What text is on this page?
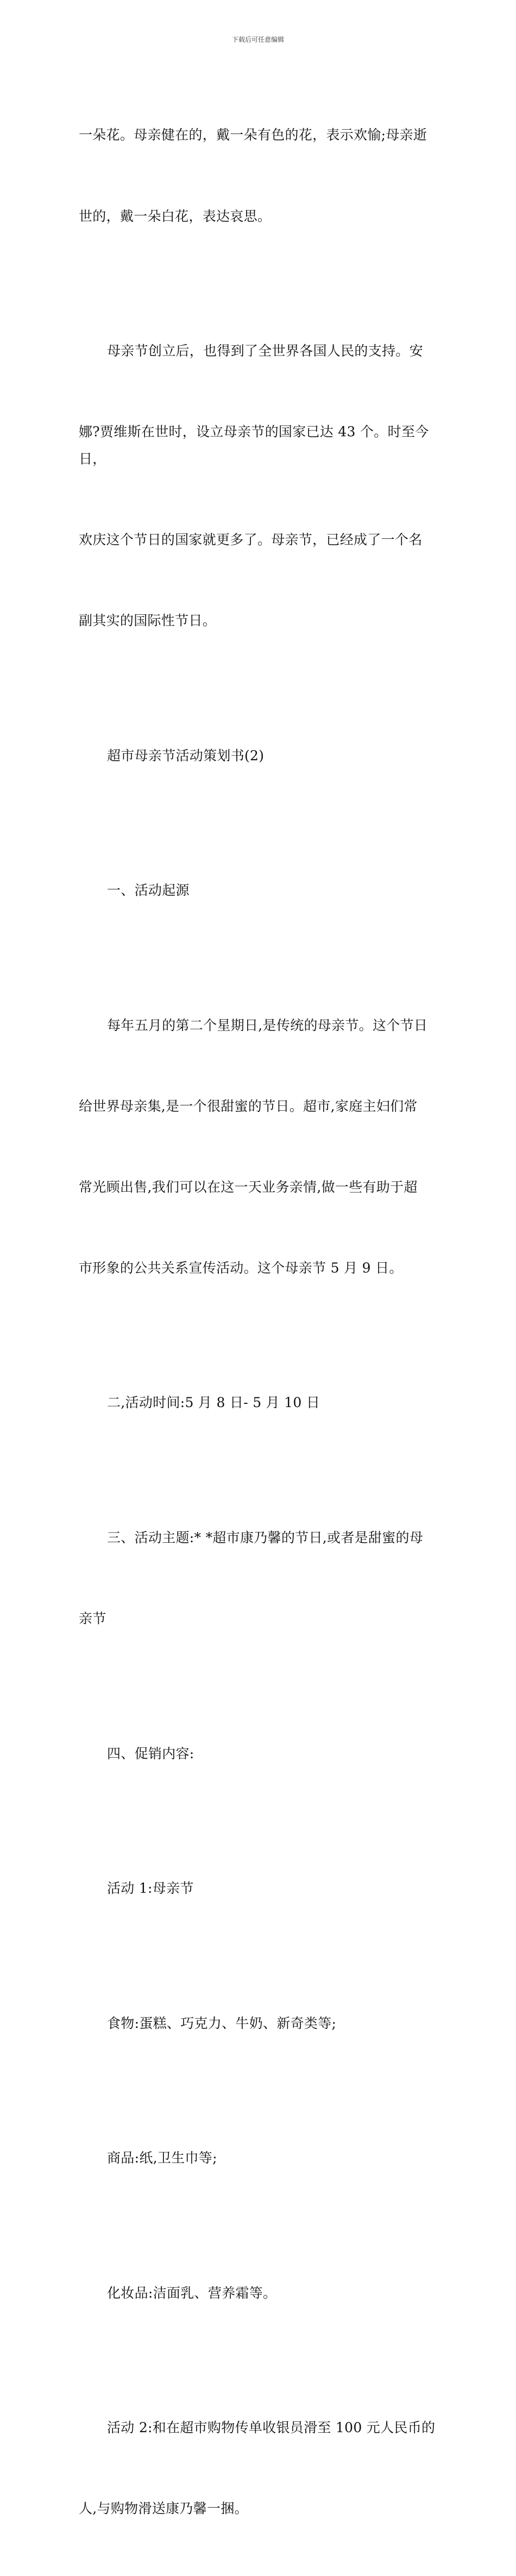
下载后可任意编辑

一朵花。母亲健在的，戴一朵有色的花，表示欢愉;母亲逝

世的，戴一朵白花，表达哀思。

母亲节创立后，也得到了全世界各国人民的支持。安

娜?贾维斯在世时，设立母亲节的国家已达 43 个。时至今日，

欢庆这个节日的国家就更多了。母亲节，已经成了一个名

副其实的国际性节日。

超市母亲节活动策划书(2)

一、活动起源

每年五月的第二个星期日,是传统的母亲节。这个节日

给世界母亲集,是一个很甜蜜的节日。超市,家庭主妇们常

常光顾出售,我们可以在这一天业务亲情,做一些有助于超

市形象的公共关系宣传活动。这个母亲节 5 月 9 日。

二,活动时间:5 月 8 日- 5 月 10 日

三、活动主题:* *超市康乃馨的节日,或者是甜蜜的母

亲节

四、促销内容:

活动 1:母亲节

食物:蛋糕、巧克力、牛奶、新奇类等;

商品:纸,卫生巾等;

化妆品:洁面乳、营养霜等。

活动 2:和在超市购物传单收银员滑至 100 元人民币的

人,与购物滑送康乃馨一捆。
